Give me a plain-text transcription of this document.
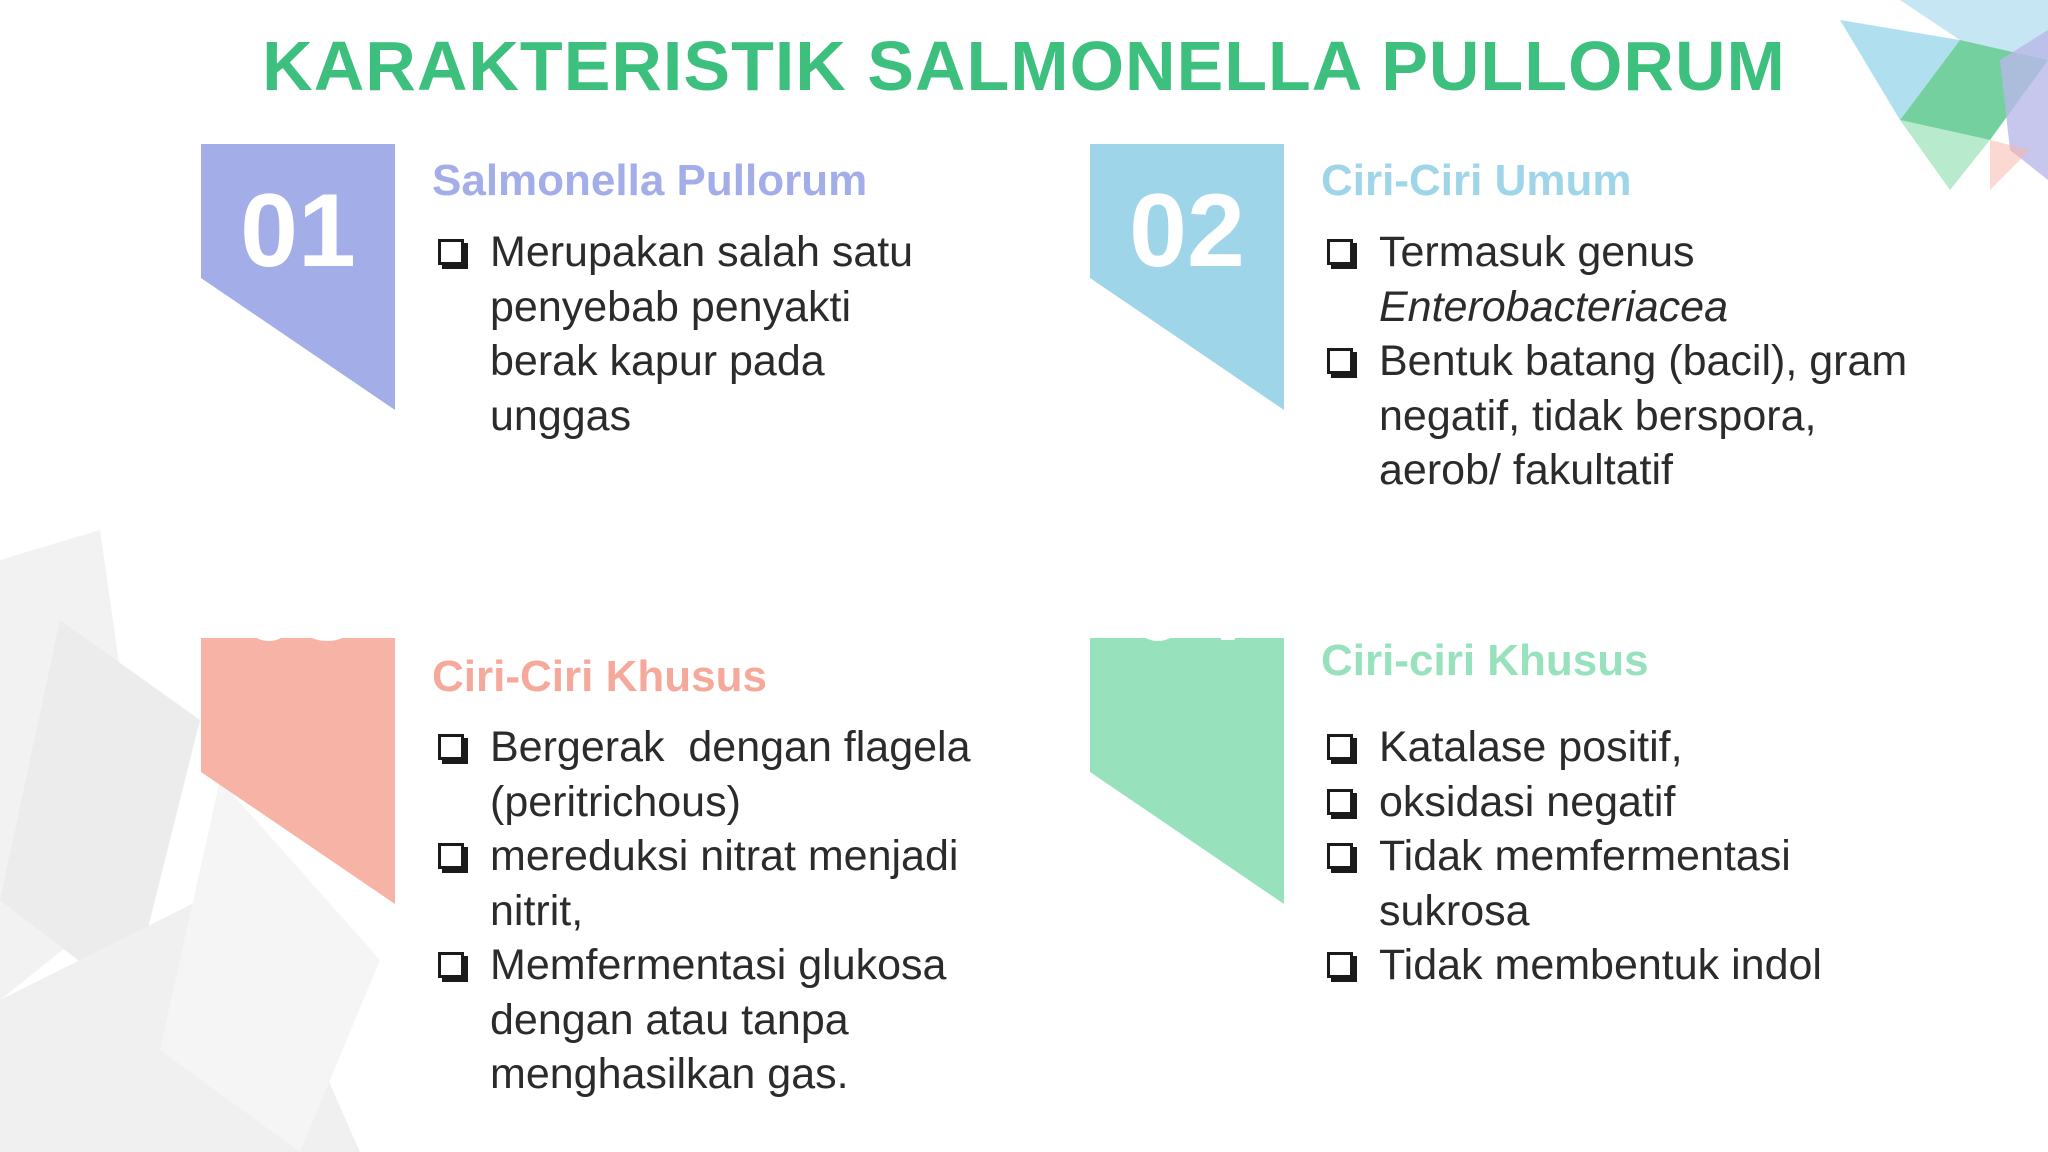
KARAKTERISTIK SALMONELLA PULLORUM
01	Salmonella Pullorum
Merupakan salah satu
penyebab penyakti
berak kapur pada
unggas
02	Ciri-Ciri Umum
Termasuk genus
Enterobacteriacea
Bentuk batang (bacil), gram
negatif, tidak berspora,
aerob/ fakultatif
03
Ciri-Ciri Khusus
Bergerak  dengan flagela
(peritrichous)
mereduksi nitrat menjadi
nitrit,
Memfermentasi glukosa
dengan atau tanpa
menghasilkan gas.
04	Ciri-ciri Khusus
Katalase positif,
oksidasi negatif
Tidak memfermentasi
sukrosa
Tidak membentuk indol
